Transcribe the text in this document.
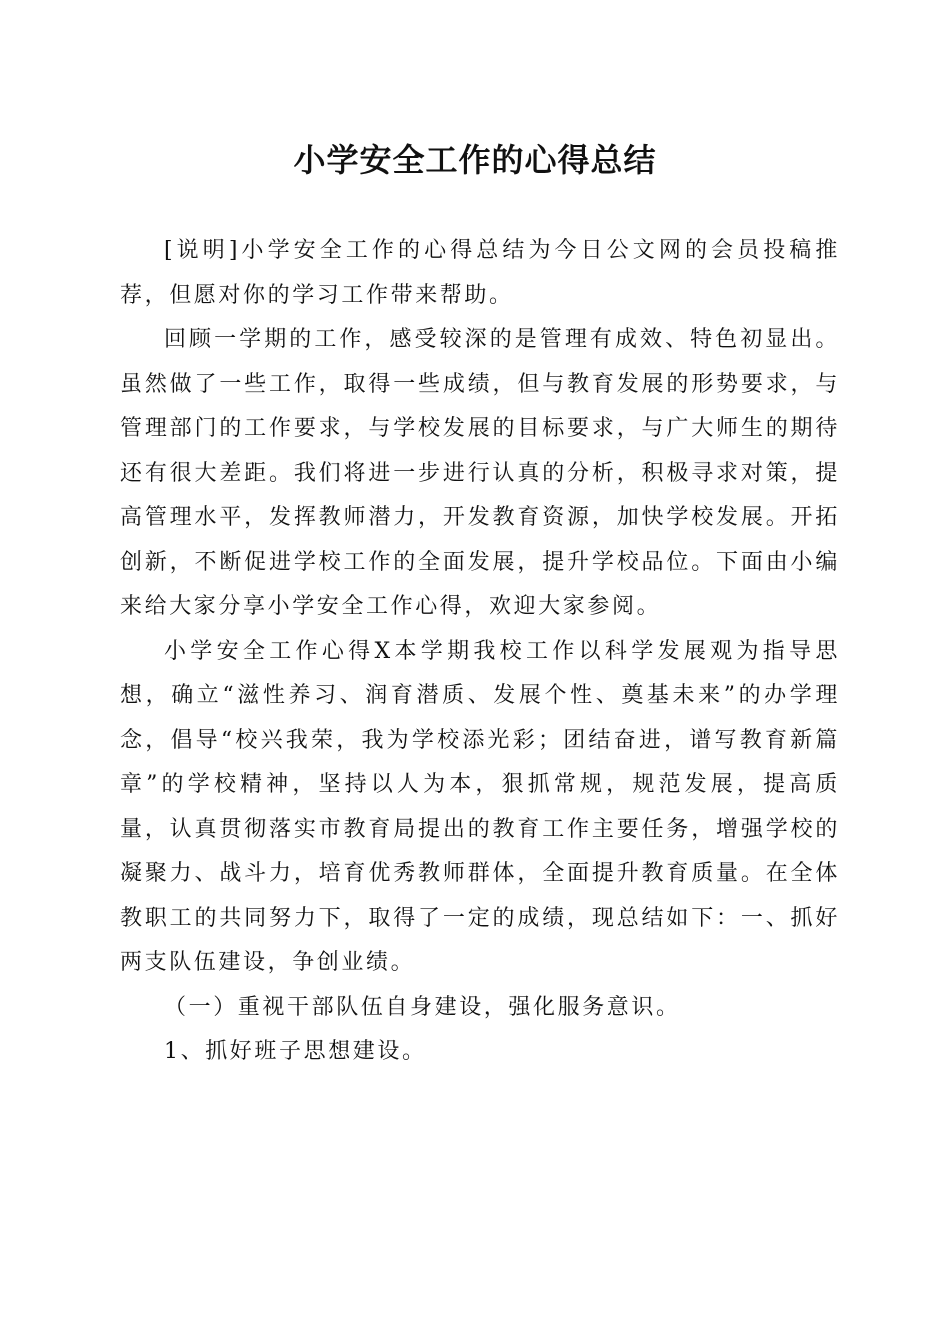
小学安全工作的心得总结

[说明]小学安全工作的心得总结为今日公文网的会员投稿推荐，但愿对你的学习工作带来帮助。

回顾一学期的工作，感受较深的是管理有成效、特色初显出。虽然做了一些工作，取得一些成绩，但与教育发展的形势要求，与管理部门的工作要求，与学校发展的目标要求，与广大师生的期待还有很大差距。我们将进一步进行认真的分析，积极寻求对策，提高管理水平，发挥教师潜力，开发教育资源，加快学校发展。开拓创新，不断促进学校工作的全面发展，提升学校品位。下面由小编来给大家分享小学安全工作心得，欢迎大家参阅。

小学安全工作心得X本学期我校工作以科学发展观为指导思想，确立“滋性养习、润育潜质、发展个性、奠基未来”的办学理念，倡导“校兴我荣，我为学校添光彩；团结奋进，谱写教育新篇章”的学校精神，坚持以人为本，狠抓常规，规范发展，提高质量，认真贯彻落实市教育局提出的教育工作主要任务，增强学校的凝聚力、战斗力，培育优秀教师群体，全面提升教育质量。在全体教职工的共同努力下，取得了一定的成绩，现总结如下：一、抓好两支队伍建设，争创业绩。

（一）重视干部队伍自身建设，强化服务意识。

1、抓好班子思想建设。
